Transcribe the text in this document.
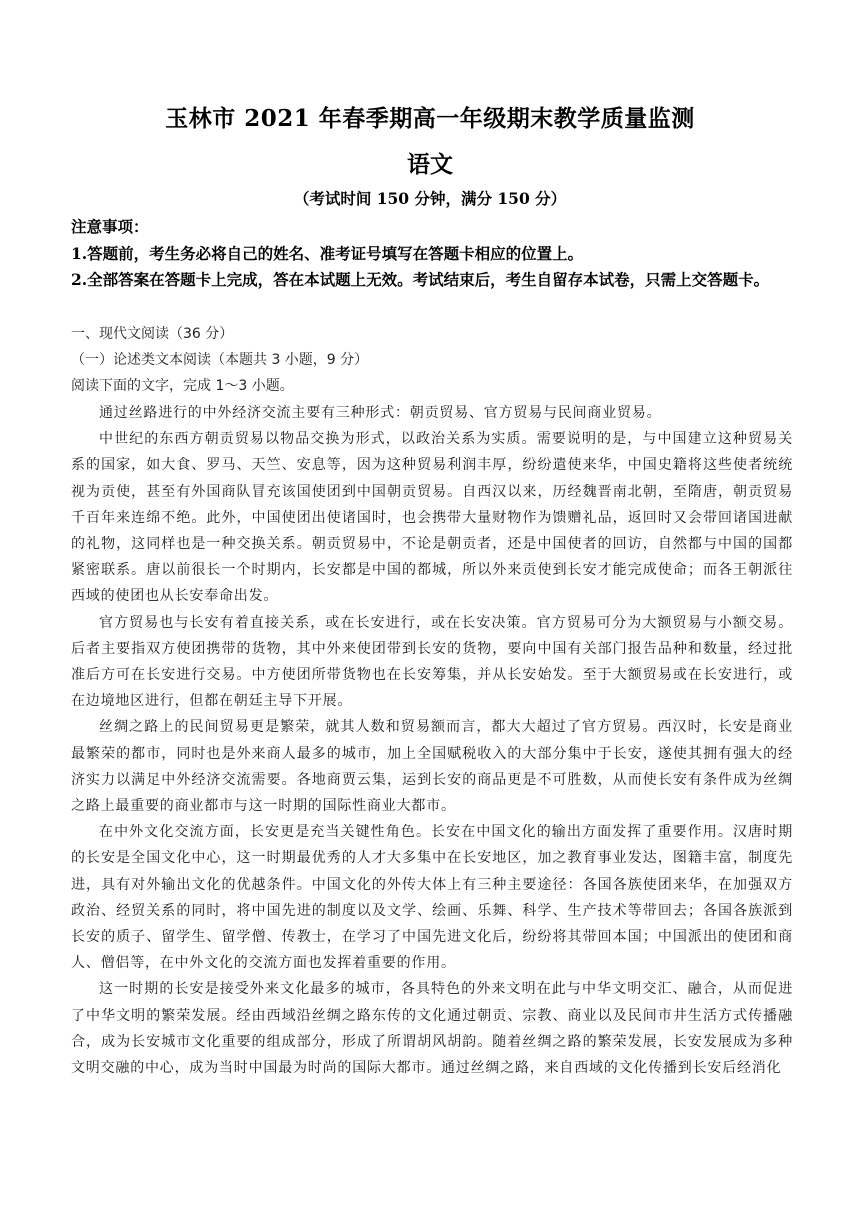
玉林市 2021 年春季期高一年级期末教学质量监测
语文
（考试时间 150 分钟，满分 150 分）

注意事项：

1.答题前，考生务必将自己的姓名、准考证号填写在答题卡相应的位置上。

2.全部答案在答题卡上完成，答在本试题上无效。考试结束后，考生自留存本试卷，只需上交答题卡。

一、现代文阅读（36 分）

（一）论述类文本阅读（本题共 3 小题，9 分）

阅读下面的文字，完成 1～3 小题。

通过丝路进行的中外经济交流主要有三种形式：朝贡贸易、官方贸易与民间商业贸易。

中世纪的东西方朝贡贸易以物品交换为形式，以政治关系为实质。需要说明的是，与中国建立这种贸易关系的国家，如大食、罗马、天竺、安息等，因为这种贸易利润丰厚，纷纷遣使来华，中国史籍将这些使者统统视为贡使，甚至有外国商队冒充该国使团到中国朝贡贸易。自西汉以来，历经魏晋南北朝，至隋唐，朝贡贸易千百年来连绵不绝。此外，中国使团出使诸国时，也会携带大量财物作为馈赠礼品，返回时又会带回诸国进献的礼物，这同样也是一种交换关系。朝贡贸易中，不论是朝贡者，还是中国使者的回访，自然都与中国的国都紧密联系。唐以前很长一个时期内，长安都是中国的都城，所以外来贡使到长安才能完成使命；而各王朝派往西域的使团也从长安奉命出发。

官方贸易也与长安有着直接关系，或在长安进行，或在长安决策。官方贸易可分为大额贸易与小额交易。后者主要指双方使团携带的货物，其中外来使团带到长安的货物，要向中国有关部门报告品种和数量，经过批准后方可在长安进行交易。中方使团所带货物也在长安筹集，并从长安始发。至于大额贸易或在长安进行，或在边境地区进行，但都在朝廷主导下开展。

丝绸之路上的民间贸易更是繁荣，就其人数和贸易额而言，都大大超过了官方贸易。西汉时，长安是商业最繁荣的都市，同时也是外来商人最多的城市，加上全国赋税收入的大部分集中于长安，遂使其拥有强大的经济实力以满足中外经济交流需要。各地商贾云集，运到长安的商品更是不可胜数，从而使长安有条件成为丝绸之路上最重要的商业都市与这一时期的国际性商业大都市。

在中外文化交流方面，长安更是充当关键性角色。长安在中国文化的输出方面发挥了重要作用。汉唐时期的长安是全国文化中心，这一时期最优秀的人才大多集中在长安地区，加之教育事业发达，图籍丰富，制度先进，具有对外输出文化的优越条件。中国文化的外传大体上有三种主要途径：各国各族使团来华，在加强双方政治、经贸关系的同时，将中国先进的制度以及文学、绘画、乐舞、科学、生产技术等带回去；各国各族派到长安的质子、留学生、留学僧、传教士，在学习了中国先进文化后，纷纷将其带回本国；中国派出的使团和商人、僧侣等，在中外文化的交流方面也发挥着重要的作用。

这一时期的长安是接受外来文化最多的城市，各具特色的外来文明在此与中华文明交汇、融合，从而促进了中华文明的繁荣发展。经由西域沿丝绸之路东传的文化通过朝贡、宗教、商业以及民间市井生活方式传播融合，成为长安城市文化重要的组成部分，形成了所谓胡风胡韵。随着丝绸之路的繁荣发展，长安发展成为多种文明交融的中心，成为当时中国最为时尚的国际大都市。通过丝绸之路，来自西域的文化传播到长安后经消化
